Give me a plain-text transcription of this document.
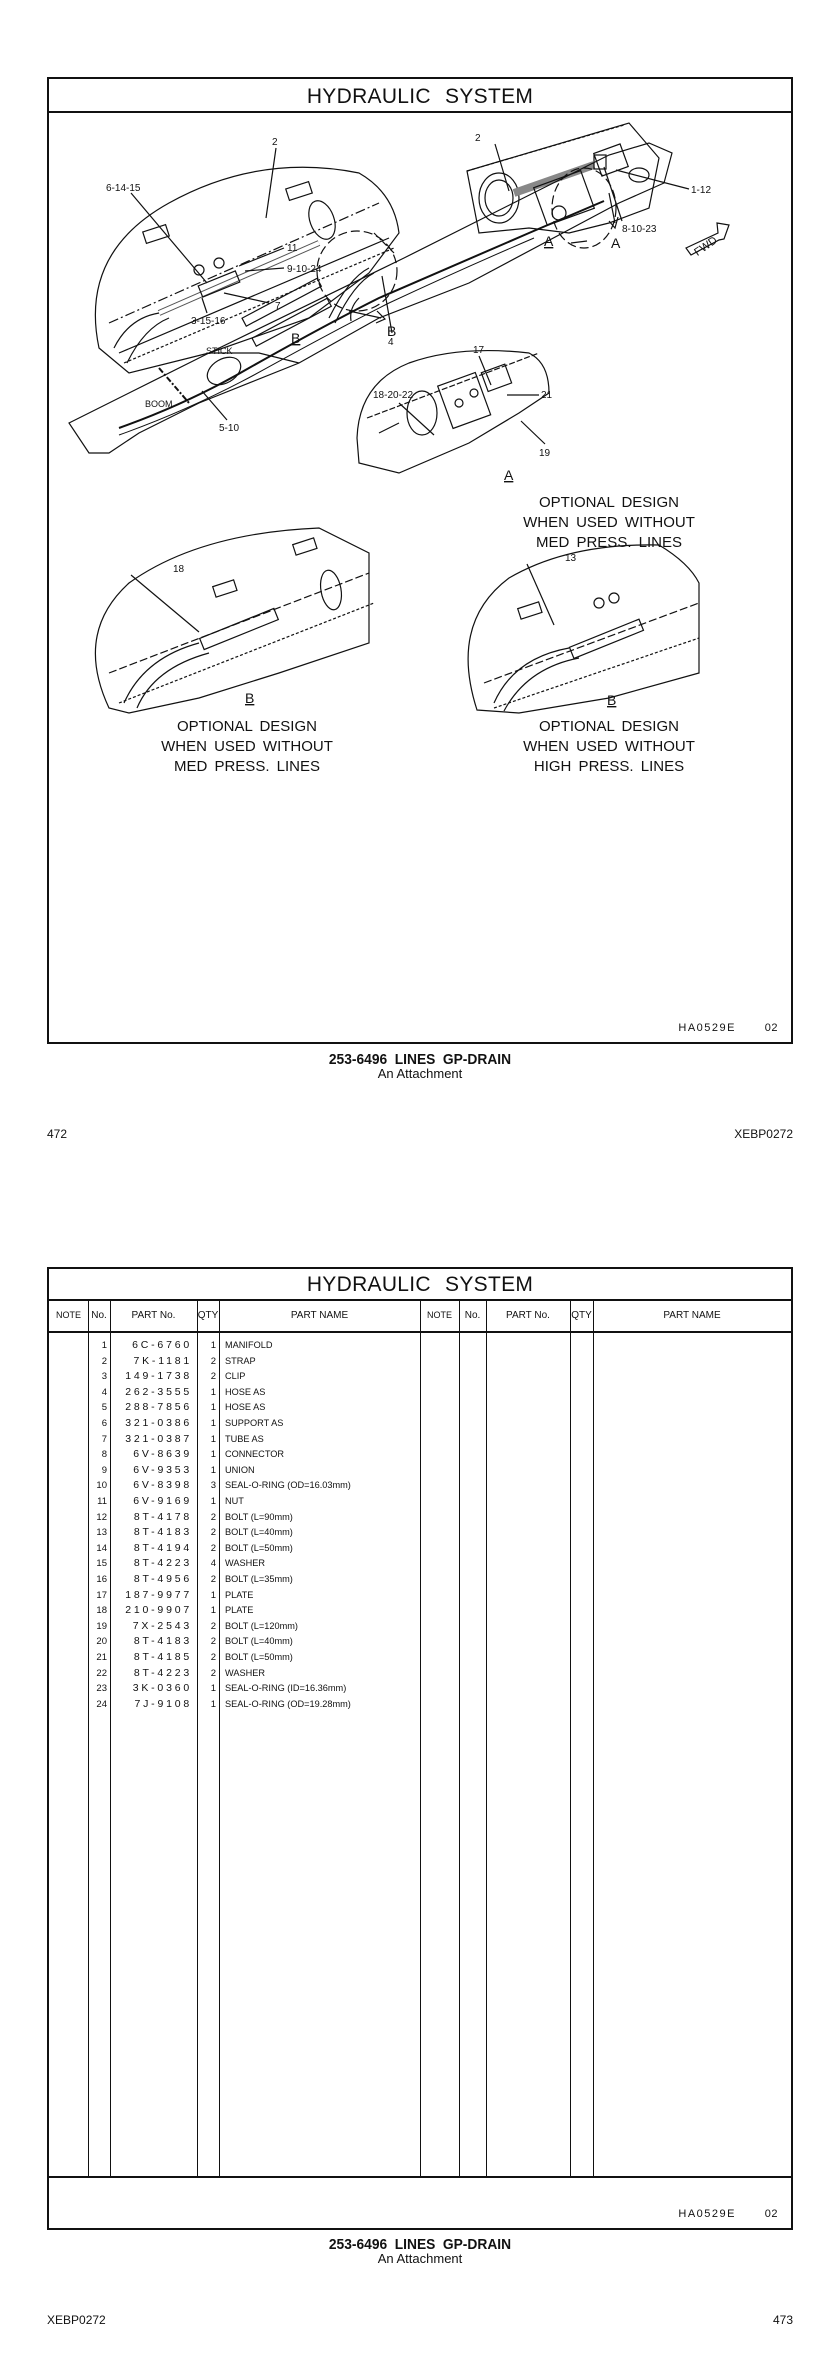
HYDRAULIC SYSTEM
6-14-15
2
11
9-10-24
7
3-15-16
2
1-12
8-10-23
4
5-10
18-20-22
17
21
19
18
13
STICK
BOOM
FWD
B
A	A
B
A
B	B
OPTIONAL DESIGN
WHEN USED WITHOUT
MED PRESS. LINES
OPTIONAL DESIGN
WHEN USED WITHOUT
MED PRESS. LINES
OPTIONAL DESIGN
WHEN USED WITHOUT
HIGH PRESS. LINES
HA0529E	02
253-6496 LINES GP-DRAIN
An Attachment
472	XEBP0272
HYDRAULIC SYSTEM
NOTE	No.	PART No.	QTY	PART NAME	NOTE	No.	PART No.	QTY	PART NAME
1	6C-6760	1 MANIFOLD
2	7K-1181	2 STRAP
3	149-1738	2 CLIP
4	262-3555	1 HOSE AS
5	288-7856	1 HOSE AS
6	321-0386	1 SUPPORT AS
7	321-0387	1 TUBE AS
8	6V-8639	1 CONNECTOR
9	6V-9353	1 UNION
10	6V-8398	3 SEAL-O-RING (OD=16.03mm)
11	6V-9169	1 NUT
12	8T-4178	2 BOLT (L=90mm)
13	8T-4183	2 BOLT (L=40mm)
14	8T-4194	2 BOLT (L=50mm)
15	8T-4223	4 WASHER
16	8T-4956	2 BOLT (L=35mm)
17	187-9977	1 PLATE
18	210-9907	1 PLATE
19	7X-2543	2 BOLT (L=120mm)
20	8T-4183	2 BOLT (L=40mm)
21	8T-4185	2 BOLT (L=50mm)
22	8T-4223	2 WASHER
23	3K-0360	1 SEAL-O-RING (ID=16.36mm)
24	7J-9108	1 SEAL-O-RING (OD=19.28mm)
HA0529E	02
253-6496 LINES GP-DRAIN
An Attachment
XEBP0272	473
